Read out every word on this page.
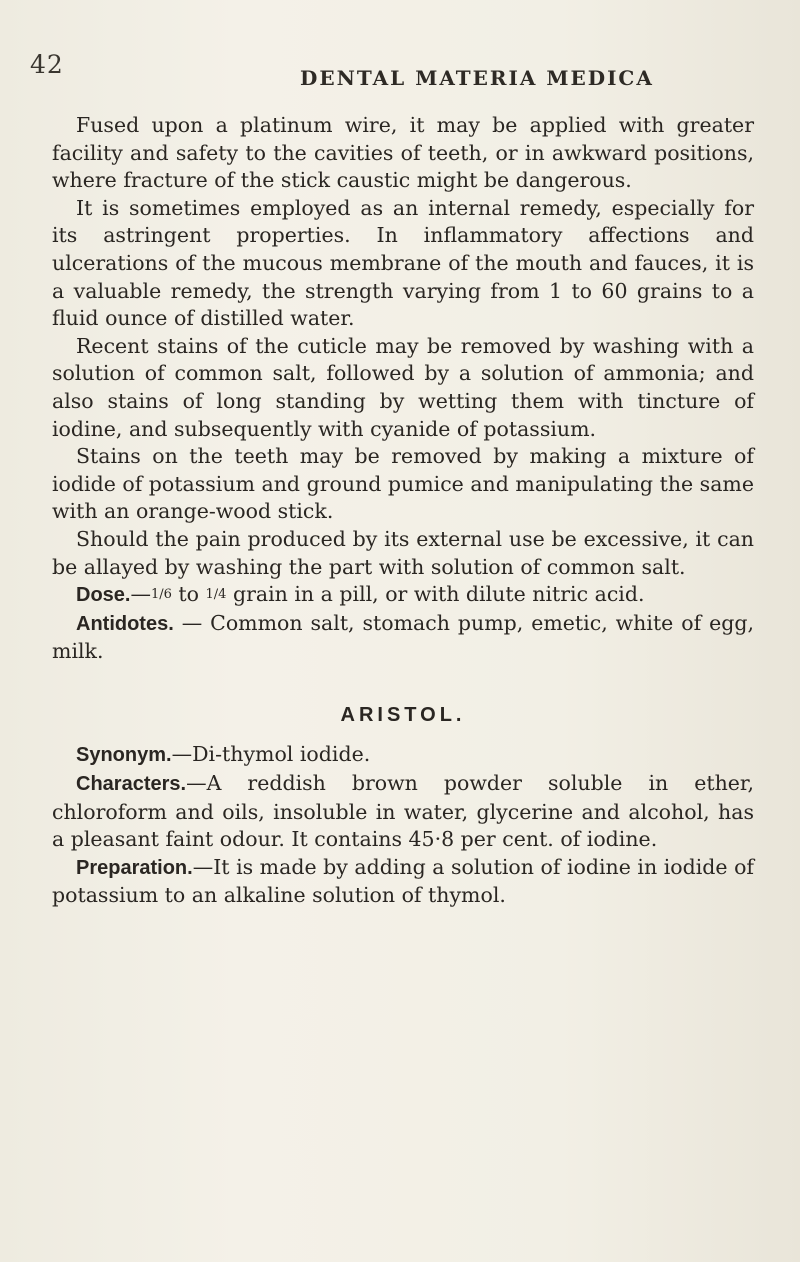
42	DENTAL MATERIA MEDICA

Fused upon a platinum wire, it may be applied with greater facility and safety to the cavities of teeth, or in awkward positions, where fracture of the stick caustic might be dangerous.

It is sometimes employed as an internal remedy, especially for its astringent properties. In inflammatory affections and ulcerations of the mucous membrane of the mouth and fauces, it is a valuable remedy, the strength varying from 1 to 60 grains to a fluid ounce of distilled water.

Recent stains of the cuticle may be removed by washing with a solution of common salt, followed by a solution of ammonia; and also stains of long standing by wetting them with tincture of iodine, and subsequently with cyanide of potassium.

Stains on the teeth may be removed by making a mixture of iodide of potassium and ground pumice and manipulating the same with an orange-wood stick.

Should the pain produced by its external use be excessive, it can be allayed by washing the part with solution of common salt.

Dose.—1/6 to 1/4 grain in a pill, or with dilute nitric acid.

Antidotes. — Common salt, stomach pump, emetic, white of egg, milk.

ARISTOL.

Synonym.—Di-thymol iodide.

Characters.—A reddish brown powder soluble in ether, chloroform and oils, insoluble in water, glycerine and alcohol, has a pleasant faint odour. It contains 45·8 per cent. of iodine.

Preparation.—It is made by adding a solution of iodine in iodide of potassium to an alkaline solution of thymol.
